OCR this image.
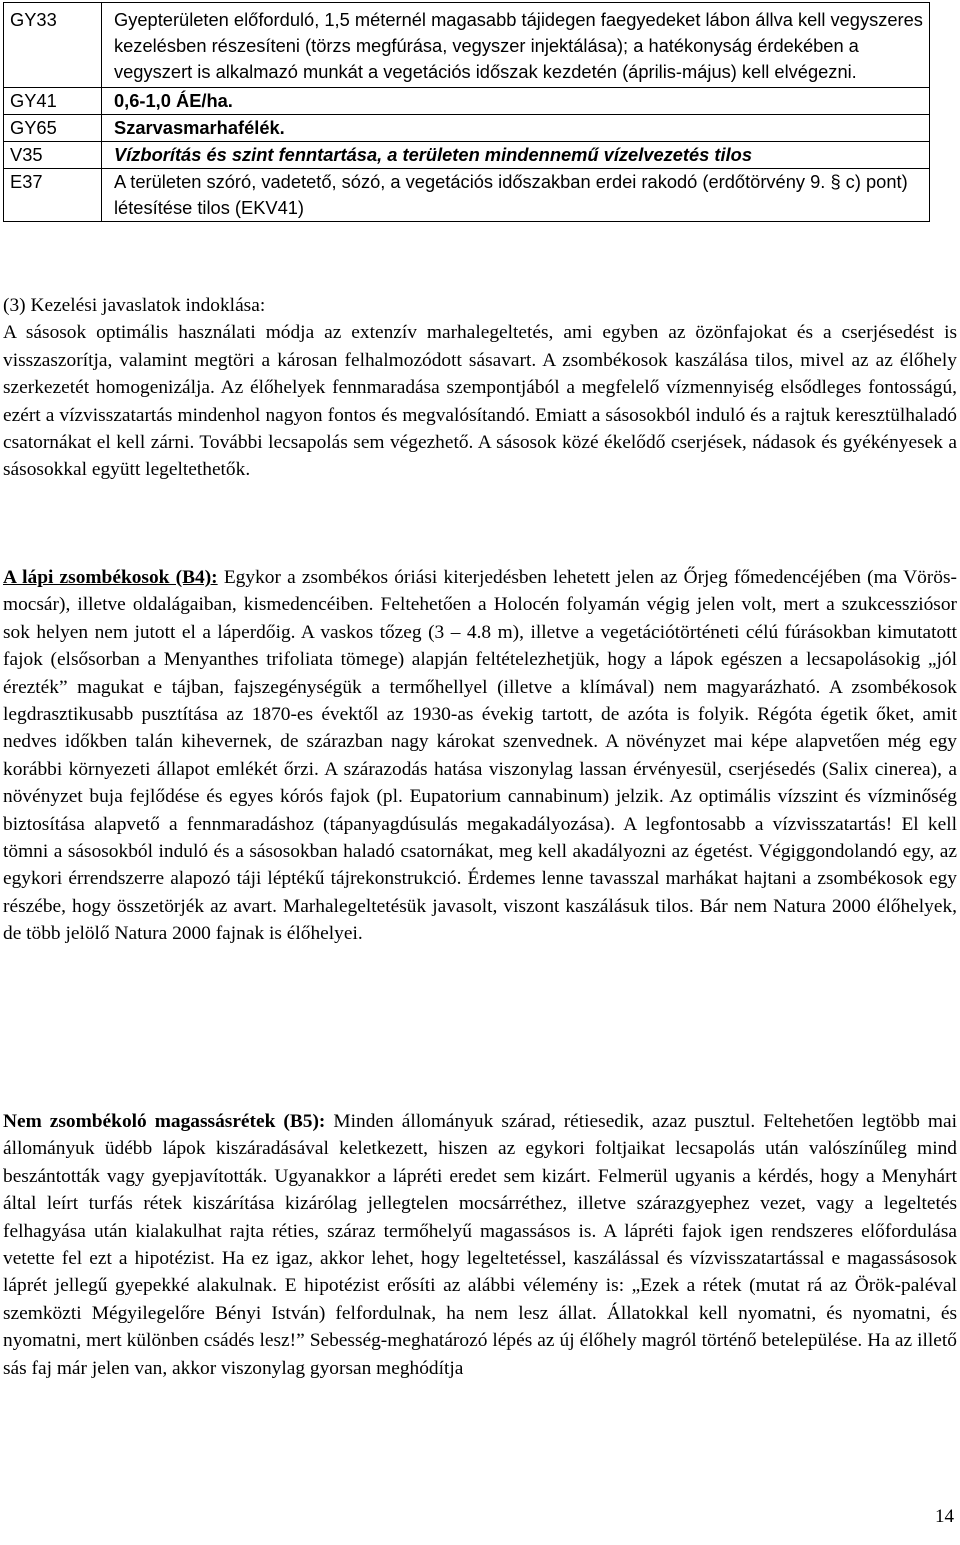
GY33	Gyepterületen előforduló, 1,5 méternél magasabb tájidegen faegyedeket lábon állva kell vegyszeres kezelésben részesíteni (törzs megfúrása, vegyszer injektálása); a hatékonyság érdekében a vegyszert is alkalmazó munkát a vegetációs időszak kezdetén (április-május) kell elvégezni.
GY41	0,6-1,0 ÁE/ha.
GY65	Szarvasmarhafélék.
V35	Vízborítás és szint fenntartása, a területen mindennemű vízelvezetés tilos
E37	A területen szóró, vadetető, sózó, a vegetációs időszakban erdei rakodó (erdőtörvény 9. § c) pont) létesítése tilos (EKV41)

(3) Kezelési javaslatok indoklása:

A sásosok optimális használati módja az extenzív marhalegeltetés, ami egyben az özönfajokat és a cserjésedést is visszaszorítja, valamint megtöri a károsan felhalmozódott sásavart. A zsombékosok kaszálása tilos, mivel az az élőhely szerkezetét homogenizálja. Az élőhelyek fennmaradása szempontjából a megfelelő vízmennyiség elsődleges fontosságú, ezért a vízvisszatartás mindenhol nagyon fontos és megvalósítandó. Emiatt a sásosokból induló és a rajtuk keresztülhaladó csatornákat el kell zárni. További lecsapolás sem végezhető. A sásosok közé ékelődő cserjések, nádasok és gyékényesek a sásosokkal együtt legeltethetők.

A lápi zsombékosok (B4): Egykor a zsombékos óriási kiterjedésben lehetett jelen az Őrjeg főmedencéjében (ma Vörös-mocsár), illetve oldalágaiban, kismedencéiben. Feltehetően a Holocén folyamán végig jelen volt, mert a szukcessziósor sok helyen nem jutott el a láperdőig. A vaskos tőzeg (3 – 4.8 m), illetve a vegetációtörténeti célú fúrásokban kimutatott fajok (elsősorban a Menyanthes trifoliata tömege) alapján feltételezhetjük, hogy a lápok egészen a lecsapolásokig „jól érezték” magukat e tájban, fajszegénységük a termőhellyel (illetve a klímával) nem magyarázható. A zsombékosok legdrasztikusabb pusztítása az 1870-es évektől az 1930-as évekig tartott, de azóta is folyik. Régóta égetik őket, amit nedves időkben talán kihevernek, de szárazban nagy károkat szenvednek. A növényzet mai képe alapvetően még egy korábbi környezeti állapot emlékét őrzi. A szárazodás hatása viszonylag lassan érvényesül, cserjésedés (Salix cinerea), a növényzet buja fejlődése és egyes kórós fajok (pl. Eupatorium cannabinum) jelzik. Az optimális vízszint és vízminőség biztosítása alapvető a fennmaradáshoz (tápanyagdúsulás megakadályozása). A legfontosabb a vízvisszatartás! El kell tömni a sásosokból induló és a sásosokban haladó csatornákat, meg kell akadályozni az égetést. Végiggondolandó egy, az egykori érrendszerre alapozó táji léptékű tájrekonstrukció. Érdemes lenne tavasszal marhákat hajtani a zsombékosok egy részébe, hogy összetörjék az avart. Marhalegeltetésük javasolt, viszont kaszálásuk tilos. Bár nem Natura 2000 élőhelyek, de több jelölő Natura 2000 fajnak is élőhelyei.

Nem zsombékoló magassásrétek (B5): Minden állományuk szárad, rétiesedik, azaz pusztul. Feltehetően legtöbb mai állományuk üdébb lápok kiszáradásával keletkezett, hiszen az egykori foltjaikat lecsapolás után valószínűleg mind beszántották vagy gyepjavították. Ugyanakkor a lápréti eredet sem kizárt. Felmerül ugyanis a kérdés, hogy a Menyhárt által leírt turfás rétek kiszárítása kizárólag jellegtelen mocsárréthez, illetve szárazgyephez vezet, vagy a legeltetés felhagyása után kialakulhat rajta réties, száraz termőhelyű magassásos is. A lápréti fajok igen rendszeres előfordulása vetette fel ezt a hipotézist. Ha ez igaz, akkor lehet, hogy legeltetéssel, kaszálással és vízvisszatartással e magassásosok láprét jellegű gyepekké alakulnak. E hipotézist erősíti az alábbi vélemény is: „Ezek a rétek (mutat rá az Örök-paléval szemközti Mégyilegelőre Bényi István) felfordulnak, ha nem lesz állat. Állatokkal kell nyomatni, és nyomatni, és nyomatni, mert különben csádés lesz!” Sebesség-meghatározó lépés az új élőhely magról történő betelepülése. Ha az illető sás faj már jelen van, akkor viszonylag gyorsan meghódítja

14
